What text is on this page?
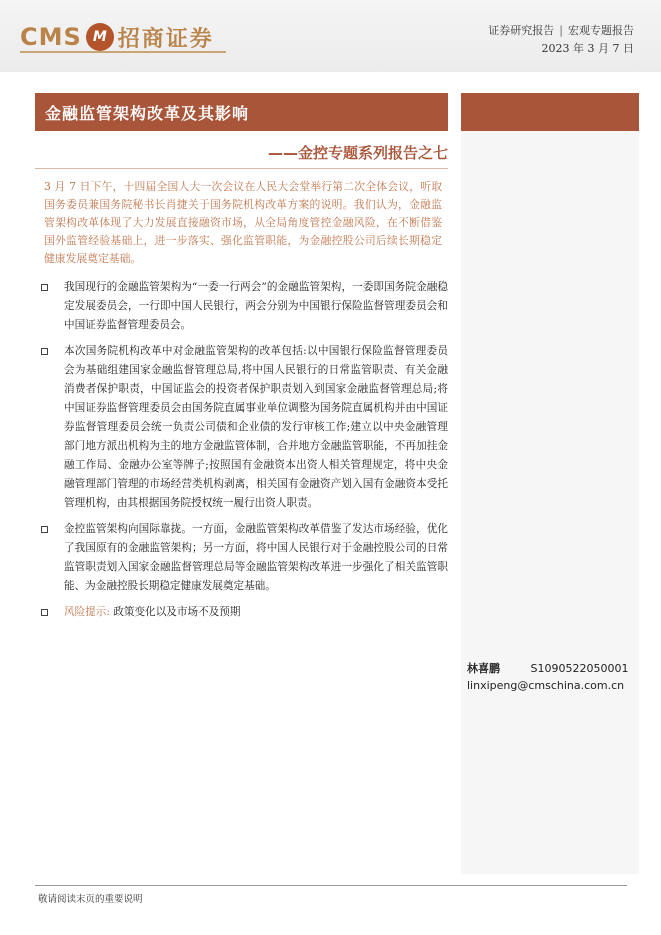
CMS M 招商证券	证券研究报告 | 宏观专题报告
2023 年 3 月 7 日
金融监管架构改革及其影响
——金控专题系列报告之七
3 月 7 日下午，十四届全国人大一次会议在人民大会堂举行第二次全体会议，听取国务委员兼国务院秘书长肖捷关于国务院机构改革方案的说明。我们认为，金融监管架构改革体现了大力发展直接融资市场，从全局角度管控金融风险，在不断借鉴国外监管经验基础上，进一步落实、强化监管职能，为金融控股公司后续长期稳定健康发展奠定基础。
我国现行的金融监管架构为“一委一行两会”的金融监管架构，一委即国务院金融稳定发展委员会，一行即中国人民银行，两会分别为中国银行保险监督管理委员会和中国证券监督管理委员会。
本次国务院机构改革中对金融监管架构的改革包括:以中国银行保险监督管理委员会为基础组建国家金融监督管理总局,将中国人民银行的日常监管职责、有关金融消费者保护职责，中国证监会的投资者保护职责划入到国家金融监督管理总局;将中国证券监督管理委员会由国务院直属事业单位调整为国务院直属机构并由中国证券监督管理委员会统一负责公司债和企业债的发行审核工作;建立以中央金融管理部门地方派出机构为主的地方金融监管体制，合并地方金融监管职能，不再加挂金融工作局、金融办公室等牌子;按照国有金融资本出资人相关管理规定，将中央金融管理部门管理的市场经营类机构剥离，相关国有金融资产划入国有金融资本受托管理机构，由其根据国务院授权统一履行出资人职责。
金控监管架构向国际靠拢。一方面，金融监管架构改革借鉴了发达市场经验，优化了我国原有的金融监管架构；另一方面，将中国人民银行对于金融控股公司的日常监管职责划入国家金融监督管理总局等金融监管架构改革进一步强化了相关监管职能、为金融控股长期稳定健康发展奠定基础。
风险提示: 政策变化以及市场不及预期
林喜鹏	S1090522050001
linxipeng@cmschina.com.cn
敬请阅读末页的重要说明
